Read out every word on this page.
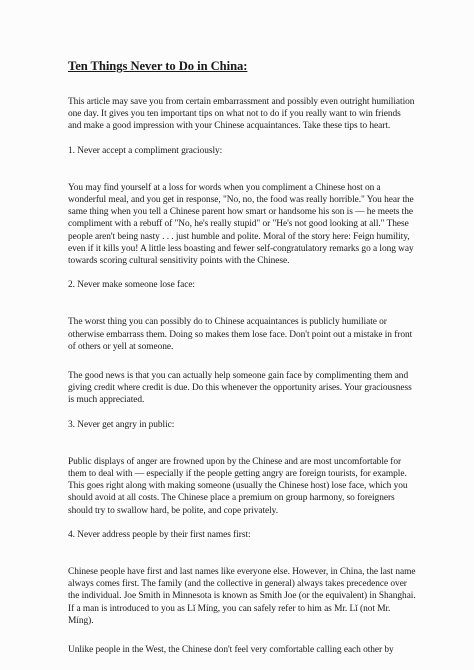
Ten Things Never to Do in China:

This article may save you from certain embarrassment and possibly even outright humiliation one day. It gives you ten important tips on what not to do if you really want to win friends and make a good impression with your Chinese acquaintances. Take these tips to heart.

1. Never accept a compliment graciously:

You may find yourself at a loss for words when you compliment a Chinese host on a wonderful meal, and you get in response, "No, no, the food was really horrible." You hear the same thing when you tell a Chinese parent how smart or handsome his son is — he meets the compliment with a rebuff of "No, he's really stupid" or "He's not good looking at all." These people aren't being nasty . . . just humble and polite. Moral of the story here: Feign humility, even if it kills you! A little less boasting and fewer self-congratulatory remarks go a long way towards scoring cultural sensitivity points with the Chinese.

2. Never make someone lose face:

The worst thing you can possibly do to Chinese acquaintances is publicly humiliate or otherwise embarrass them. Doing so makes them lose face. Don't point out a mistake in front of others or yell at someone.

The good news is that you can actually help someone gain face by complimenting them and giving credit where credit is due. Do this whenever the opportunity arises. Your graciousness is much appreciated.

3. Never get angry in public:

Public displays of anger are frowned upon by the Chinese and are most uncomfortable for them to deal with — especially if the people getting angry are foreign tourists, for example. This goes right along with making someone (usually the Chinese host) lose face, which you should avoid at all costs. The Chinese place a premium on group harmony, so foreigners should try to swallow hard, be polite, and cope privately.

4. Never address people by their first names first:

Chinese people have first and last names like everyone else. However, in China, the last name always comes first. The family (and the collective in general) always takes precedence over the individual. Joe Smith in Minnesota is known as Smith Joe (or the equivalent) in Shanghai. If a man is introduced to you as Lǐ Míng, you can safely refer to him as Mr. Lǐ (not Mr. Míng).

Unlike people in the West, the Chinese don't feel very comfortable calling each other by
